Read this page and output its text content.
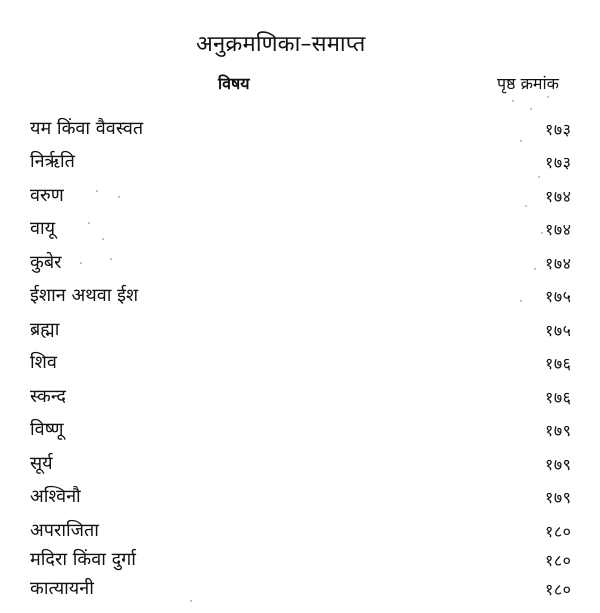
अनुक्रमणिका–समाप्त
विषय	पृष्ठ क्रमांक
यम किंवा वैवस्वत	१७३
निर्ऋति	१७३
वरुण	१७४
वायू	१७४
कुबेर	१७४
ईशान अथवा ईश	१७५
ब्रह्मा	१७५
शिव	१७६
स्कन्द	१७६
विष्णू	१७९
सूर्य	१७९
अश्विनौ	१७९
अपराजिता	१८०
मदिरा किंवा दुर्गा	१८०
कात्यायनी	१८०
